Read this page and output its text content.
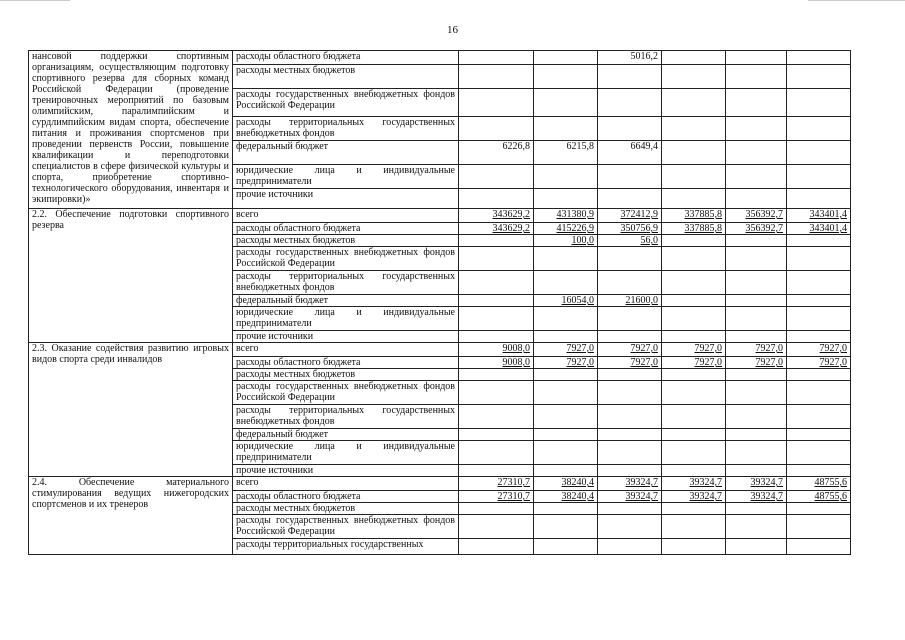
16
нансовой поддержки спортивным организациям, осуществляющим подготовку спортивного резерва для сборных команд Российской Федерации (проведение тренировочных мероприятий по базовым олимпийским, паралимпийским и сурдлимпийским видам спорта, обеспечение питания и проживания спортсменов при проведении первенств России, повышение квалификации и переподготовки специалистов в сфере физической культуры и спорта, приобретение спортивно-технологического оборудования, инвентаря и экипировки)»	расходы областного бюджета			5016,2			
	расходы местных бюджетов						
	расходы государственных внебюджетных фондов Российской Федерации						
	расходы территориальных государственных внебюджетных фондов						
	федеральный бюджет	6226,8	6215,8	6649,4			
	юридические лица и индивидуальные предприниматели						
	прочие источники						
2.2. Обеспечение подготовки спортивного резерва	всего	343629,2	431380,9	372412,9	337885,8	356392,7	343401,4
	расходы областного бюджета	343629,2	415226,9	350756,9	337885,8	356392,7	343401,4
	расходы местных бюджетов		100,0	56,0			
	расходы государственных внебюджетных фондов Российской Федерации						
	расходы территориальных государственных внебюджетных фондов						
	федеральный бюджет		16054,0	21600,0			
	юридические лица и индивидуальные предприниматели						
	прочие источники						
2.3. Оказание содействия развитию игровых видов спорта среди инвалидов	всего	9008,0	7927,0	7927,0	7927,0	7927,0	7927,0
	расходы областного бюджета	9008,0	7927,0	7927,0	7927,0	7927,0	7927,0
	расходы местных бюджетов						
	расходы государственных внебюджетных фондов Российской Федерации						
	расходы территориальных государственных внебюджетных фондов						
	федеральный бюджет						
	юридические лица и индивидуальные предприниматели						
	прочие источники						
2.4. Обеспечение материального стимулирования ведущих нижегородских спортсменов и их тренеров	всего	27310,7	38240,4	39324,7	39324,7	39324,7	48755,6
	расходы областного бюджета	27310,7	38240,4	39324,7	39324,7	39324,7	48755,6
	расходы местных бюджетов						
	расходы государственных внебюджетных фондов Российской Федерации						
	расходы территориальных государственных						
